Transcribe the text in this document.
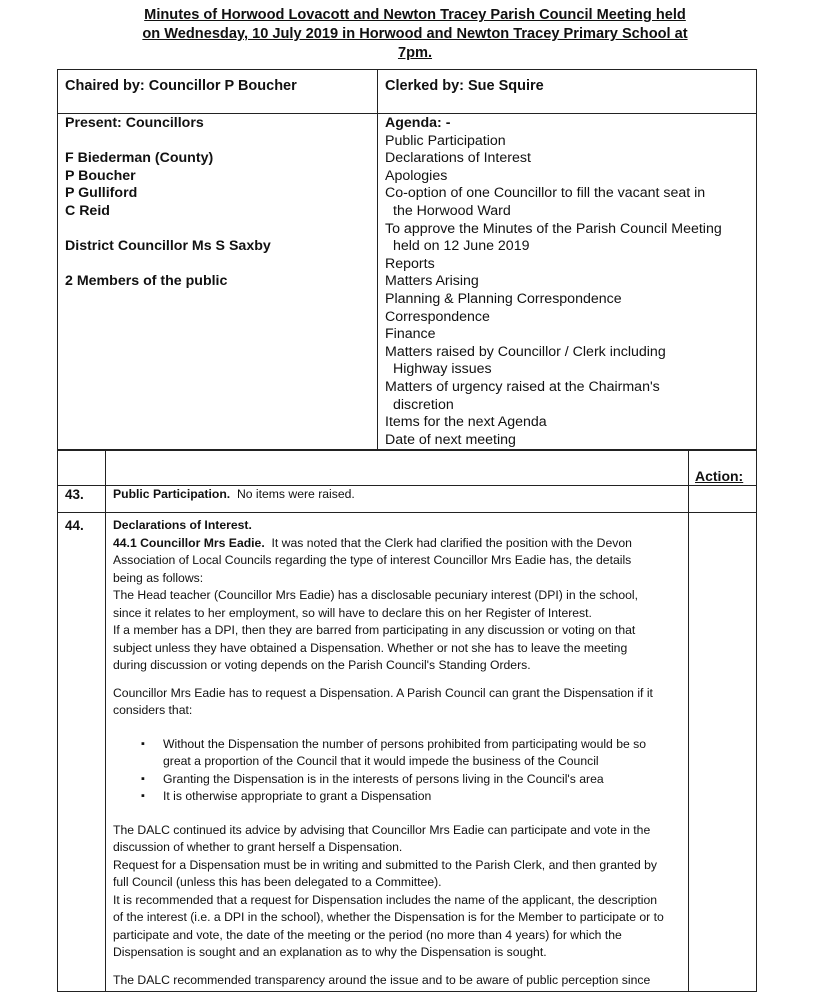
Minutes of Horwood Lovacott and Newton Tracey Parish Council Meeting held
on Wednesday, 10 July 2019 in Horwood and Newton Tracey Primary School at
7pm.
Chaired by: Councillor P Boucher	Clerked by: Sue Squire
Present: Councillors
F Biederman (County)
P Boucher
P Gulliford
C Reid
District Councillor Ms S Saxby
2 Members of the public
Agenda: -
Public Participation
Declarations of Interest
Apologies
Co-option of one Councillor to fill the vacant seat in
the Horwood Ward
To approve the Minutes of the Parish Council Meeting
held on 12 June 2019
Reports
Matters Arising
Planning & Planning Correspondence
Correspondence
Finance
Matters raised by Councillor / Clerk including
Highway issues
Matters of urgency raised at the Chairman's
discretion
Items for the next Agenda
Date of next meeting
Action:
43. Public Participation. No items were raised.
44. Declarations of Interest.
44.1 Councillor Mrs Eadie. It was noted that the Clerk had clarified the position with the Devon
Association of Local Councils regarding the type of interest Councillor Mrs Eadie has, the details
being as follows:
The Head teacher (Councillor Mrs Eadie) has a disclosable pecuniary interest (DPI) in the school,
since it relates to her employment, so will have to declare this on her Register of Interest.
If a member has a DPI, then they are barred from participating in any discussion or voting on that
subject unless they have obtained a Dispensation. Whether or not she has to leave the meeting
during discussion or voting depends on the Parish Council's Standing Orders.
Councillor Mrs Eadie has to request a Dispensation. A Parish Council can grant the Dispensation if it
considers that:
▪ Without the Dispensation the number of persons prohibited from participating would be so
great a proportion of the Council that it would impede the business of the Council
▪ Granting the Dispensation is in the interests of persons living in the Council's area
▪ It is otherwise appropriate to grant a Dispensation
The DALC continued its advice by advising that Councillor Mrs Eadie can participate and vote in the
discussion of whether to grant herself a Dispensation.
Request for a Dispensation must be in writing and submitted to the Parish Clerk, and then granted by
full Council (unless this has been delegated to a Committee).
It is recommended that a request for Dispensation includes the name of the applicant, the description
of the interest (i.e. a DPI in the school), whether the Dispensation is for the Member to participate or to
participate and vote, the date of the meeting or the period (no more than 4 years) for which the
Dispensation is sought and an explanation as to why the Dispensation is sought.
The DALC recommended transparency around the issue and to be aware of public perception since
